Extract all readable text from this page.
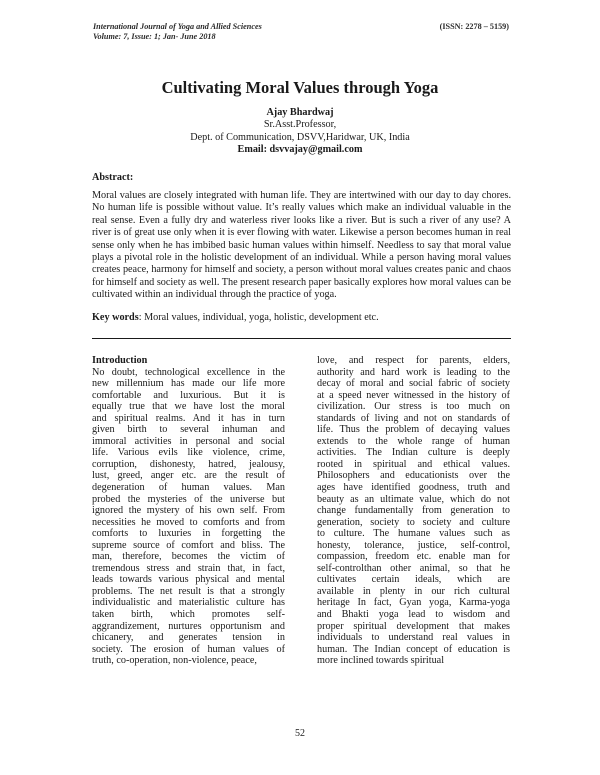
International Journal of Yoga and Allied Sciences
Volume: 7, Issue: 1; Jan- June 2018
(ISSN: 2278 – 5159)
Cultivating Moral Values through Yoga
Ajay Bhardwaj
Sr.Asst.Professor,
Dept. of Communication, DSVV,Haridwar, UK, India
Email: dsvvajay@gmail.com
Abstract:
Moral values are closely integrated with human life. They are intertwined with our day to day chores. No human life is possible without value. It’s really values which make an individual valuable in the real sense. Even a fully dry and waterless river looks like a river. But is such a river of any use? A river is of great use only when it is ever flowing with water. Likewise a person becomes human in real sense only when he has imbibed basic human values within himself. Needless to say that moral value plays a pivotal role in the holistic development of an individual. While a person having moral values creates peace, harmony for himself and society, a person without moral values creates panic and chaos for himself and society as well. The present research paper basically explores how moral values can be cultivated within an individual through the practice of yoga.
Key words: Moral values, individual, yoga, holistic, development etc.
Introduction
No doubt, technological excellence in the
new millennium has made our life more
comfortable and luxurious. But it is
equally true that we have lost the moral
and spiritual realms. And it has in turn
given birth to several inhuman and
immoral activities in personal and social
life. Various evils like violence, crime,
corruption, dishonesty, hatred, jealousy,
lust, greed, anger etc. are the result of
degeneration of human values. Man
probed the mysteries of the universe but
ignored the mystery of his own self. From
necessities he moved to comforts and from
comforts to luxuries in forgetting the
supreme source of comfort and bliss. The
man, therefore, becomes the victim of
tremendous stress and strain that, in fact,
leads towards various physical and mental
problems. The net result is that a strongly
individualistic and materialistic culture has
taken birth, which promotes self-
aggrandizement, nurtures opportunism and
chicanery, and generates tension in
society. The erosion of human values of
truth, co-operation, non-violence, peace,
love, and respect for parents, elders,
authority and hard work is leading to the
decay of moral and social fabric of society
at a speed never witnessed in the history of
civilization. Our stress is too much on
standards of living and not on standards of
life. Thus the problem of decaying values
extends to the whole range of human
activities. The Indian culture is deeply
rooted in spiritual and ethical values.
Philosophers and educationists over the
ages have identified goodness, truth and
beauty as an ultimate value, which do not
change fundamentally from generation to
generation, society to society and culture
to culture. The humane values such as
honesty, tolerance, justice, self-control,
compassion, freedom etc. enable man for
self-controlthan other animal, so that he
cultivates certain ideals, which are
available in plenty in our rich cultural
heritage In fact, Gyan yoga, Karma-yoga
and Bhakti yoga lead to wisdom and
proper spiritual development that makes
individuals to understand real values in
human. The Indian concept of education is
more inclined towards spiritual
52
